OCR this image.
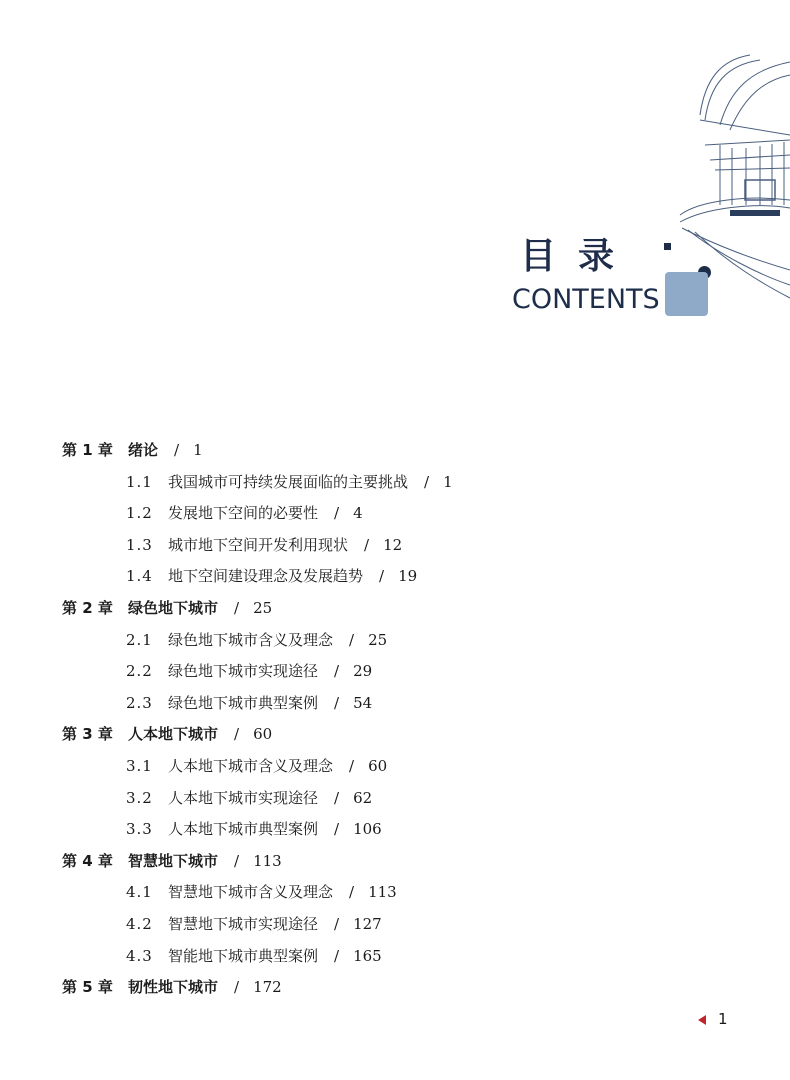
目录
CONTENTS
第 1 章 绪论 / 1
1.1 我国城市可持续发展面临的主要挑战 / 1
1.2 发展地下空间的必要性 / 4
1.3 城市地下空间开发利用现状 / 12
1.4 地下空间建设理念及发展趋势 / 19
第 2 章 绿色地下城市 / 25
2.1 绿色地下城市含义及理念 / 25
2.2 绿色地下城市实现途径 / 29
2.3 绿色地下城市典型案例 / 54
第 3 章 人本地下城市 / 60
3.1 人本地下城市含义及理念 / 60
3.2 人本地下城市实现途径 / 62
3.3 人本地下城市典型案例 / 106
第 4 章 智慧地下城市 / 113
4.1 智慧地下城市含义及理念 / 113
4.2 智慧地下城市实现途径 / 127
4.3 智能地下城市典型案例 / 165
第 5 章 韧性地下城市 / 172
1
